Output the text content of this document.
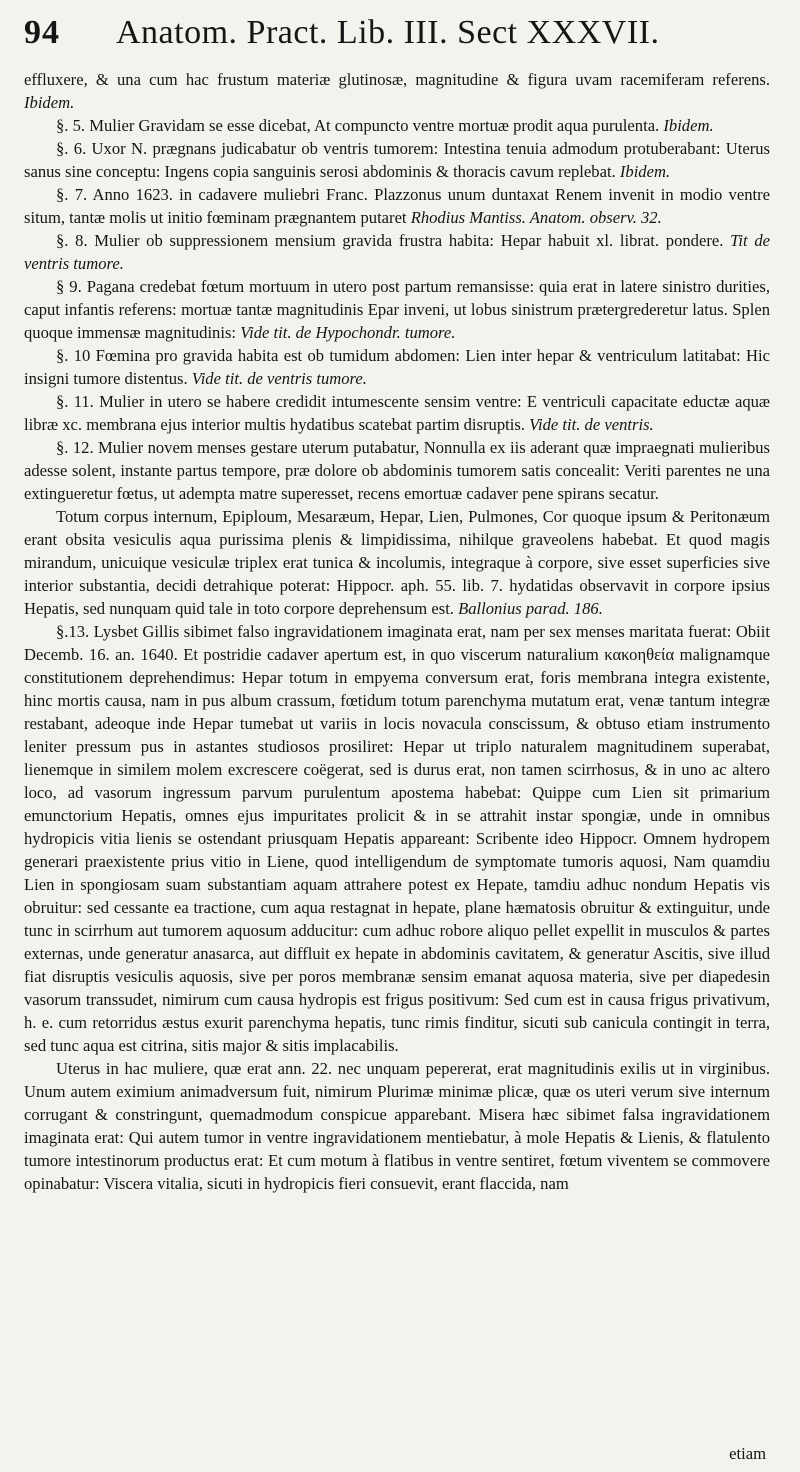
94	Anatom. Pract. Lib. III. Sect XXXVII.

effluxere, & una cum hac frustum materiæ glutinosæ, magnitudine & figura uvam racemiferam referens. Ibidem.

§. 5. Mulier Gravidam se esse dicebat, At compuncto ventre mortuæ prodit aqua purulenta. Ibidem.

§. 6. Uxor N. prægnans judicabatur ob ventris tumorem: Intestina tenuia admodum protuberabant: Uterus sanus sine conceptu: Ingens copia sanguinis serosi abdominis & thoracis cavum replebat. Ibidem.

§. 7. Anno 1623. in cadavere muliebri Franc. Plazzonus unum duntaxat Renem invenit in modio ventre situm, tantæ molis ut initio fœminam prægnantem putaret Rhodius Mantiss. Anatom. observ. 32.

§. 8. Mulier ob suppressionem mensium gravida frustra habita: Hepar habuit xl. librat. pondere. Tit de ventris tumore.

§ 9. Pagana credebat fœtum mortuum in utero post partum remansisse: quia erat in latere sinistro durities, caput infantis referens: mortuæ tantæ magnitudinis Epar inveni, ut lobus sinistrum prætergrederetur latus. Splen quoque immensæ magnitudinis: Vide tit. de Hypochondr. tumore.

§. 10 Fœmina pro gravida habita est ob tumidum abdomen: Lien inter hepar & ventriculum latitabat: Hic insigni tumore distentus. Vide tit. de ventris tumore.

§. 11. Mulier in utero se habere credidit intumescente sensim ventre: E ventriculi capacitate eductæ aquæ libræ xc. membrana ejus interior multis hydatibus scatebat partim disruptis. Vide tit. de ventris.

§. 12. Mulier novem menses gestare uterum putabatur, Nonnulla ex iis aderant quæ impraegnati mulieribus adesse solent, instante partus tempore, præ dolore ob abdominis tumorem satis concealit: Veriti parentes ne una extingueretur fœtus, ut adempta matre superesset, recens emortuæ cadaver pene spirans secatur.

Totum corpus internum, Epiploum, Mesaræum, Hepar, Lien, Pulmones, Cor quoque ipsum & Peritonæum erant obsita vesiculis aqua purissima plenis & limpidissima, nihilque graveolens habebat. Et quod magis mirandum, unicuique vesiculæ triplex erat tunica & incolumis, integraque à corpore, sive esset superficies sive interior substantia, decidi detrahique poterat: Hippocr. aph. 55. lib. 7. hydatidas observavit in corpore ipsius Hepatis, sed nunquam quid tale in toto corpore deprehensum est. Ballonius parad. 186.

§.13. Lysbet Gillis sibimet falso ingravidationem imaginata erat, nam per sex menses maritata fuerat: Obiit Decemb. 16. an. 1640. Et postridie cadaver apertum est, in quo viscerum naturalium κακοηθεία malignamque constitutionem deprehendimus: Hepar totum in empyema conversum erat, foris membrana integra existente, hinc mortis causa, nam in pus album crassum, fœtidum totum parenchyma mutatum erat, venæ tantum integræ restabant, adeoque inde Hepar tumebat ut variis in locis novacula conscissum, & obtuso etiam instrumento leniter pressum pus in astantes studiosos prosiliret: Hepar ut triplo naturalem magnitudinem superabat, lienemque in similem molem excrescere coëgerat, sed is durus erat, non tamen scirrhosus, & in uno ac altero loco, ad vasorum ingressum parvum purulentum apostema habebat: Quippe cum Lien sit primarium emunctorium Hepatis, omnes ejus impuritates prolicit & in se attrahit instar spongiæ, unde in omnibus hydropicis vitia lienis se ostendant priusquam Hepatis appareant: Scribente ideo Hippocr. Omnem hydropem generari praexistente prius vitio in Liene, quod intelligendum de symptomate tumoris aquosi, Nam quamdiu Lien in spongiosam suam substantiam aquam attrahere potest ex Hepate, tamdiu adhuc nondum Hepatis vis obruitur: sed cessante ea tractione, cum aqua restagnat in hepate, plane hæmatosis obruitur & extinguitur, unde tunc in scirrhum aut tumorem aquosum adducitur: cum adhuc robore aliquo pellet expellit in musculos & partes externas, unde generatur anasarca, aut diffluit ex hepate in abdominis cavitatem, & generatur Ascitis, sive illud fiat disruptis vesiculis aquosis, sive per poros membranæ sensim emanat aquosa materia, sive per diapedesin vasorum transsudet, nimirum cum causa hydropis est frigus positivum: Sed cum est in causa frigus privativum, h. e. cum retorridus æstus exurit parenchyma hepatis, tunc rimis finditur, sicuti sub canicula contingit in terra, sed tunc aqua est citrina, sitis major & sitis implacabilis.

Uterus in hac muliere, quæ erat ann. 22. nec unquam pepererat, erat magnitudinis exilis ut in virginibus. Unum autem eximium animadversum fuit, nimirum Plurimæ minimæ plicæ, quæ os uteri verum sive internum corrugant & constringunt, quemadmodum conspicue apparebant. Misera hæc sibimet falsa ingravidationem imaginata erat: Qui autem tumor in ventre ingravidationem mentiebatur, à mole Hepatis & Lienis, & flatulento tumore intestinorum productus erat: Et cum motum à flatibus in ventre sentiret, fœtum viventem se commovere opinabatur: Viscera vitalia, sicuti in hydropicis fieri consuevit, erant flaccida, nam

etiam
